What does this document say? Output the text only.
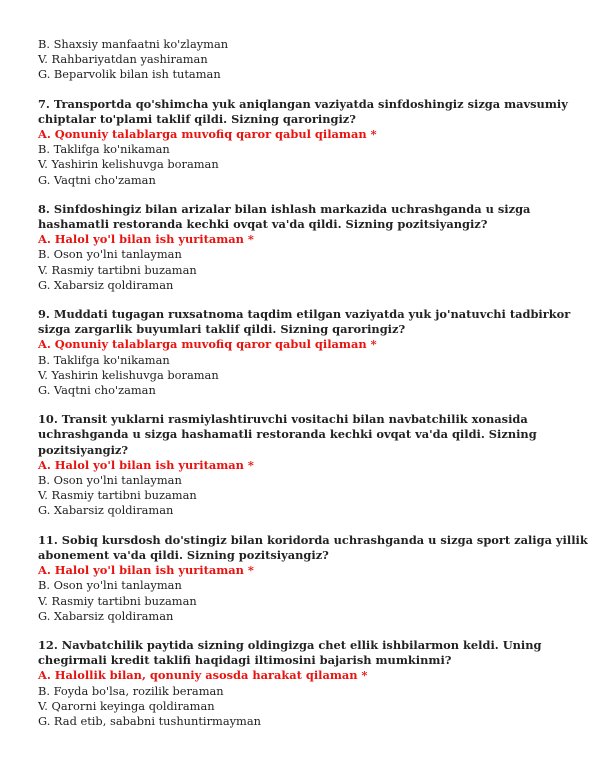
B. Shaxsiy manfaatni ko'zlayman
V. Rahbariyatdan yashiraman
G. Beparvolik bilan ish tutaman
7. Transportda qo'shimcha yuk aniqlangan vaziyatda sinfdoshingiz sizga mavsumiy
chiptalar to'plami taklif qildi. Sizning qaroringiz?
A. Qonuniy talablarga muvofiq qaror qabul qilaman *
B. Taklifga ko'nikaman
V. Yashirin kelishuvga boraman
G. Vaqtni cho'zaman
8. Sinfdoshingiz bilan arizalar bilan ishlash markazida uchrashganda u sizga
hashamatli restoranda kechki ovqat va'da qildi. Sizning pozitsiyangiz?
A. Halol yo'l bilan ish yuritaman *
B. Oson yo'lni tanlayman
V. Rasmiy tartibni buzaman
G. Xabarsiz qoldiraman
9. Muddati tugagan ruxsatnoma taqdim etilgan vaziyatda yuk jo'natuvchi tadbirkor
sizga zargarlik buyumlari taklif qildi. Sizning qaroringiz?
A. Qonuniy talablarga muvofiq qaror qabul qilaman *
B. Taklifga ko'nikaman
V. Yashirin kelishuvga boraman
G. Vaqtni cho'zaman
10. Transit yuklarni rasmiylashtiruvchi vositachi bilan navbatchilik xonasida
uchrashganda u sizga hashamatli restoranda kechki ovqat va'da qildi. Sizning
pozitsiyangiz?
A. Halol yo'l bilan ish yuritaman *
B. Oson yo'lni tanlayman
V. Rasmiy tartibni buzaman
G. Xabarsiz qoldiraman
11. Sobiq kursdosh do'stingiz bilan koridorda uchrashganda u sizga sport zaliga yillik
abonement va'da qildi. Sizning pozitsiyangiz?
A. Halol yo'l bilan ish yuritaman *
B. Oson yo'lni tanlayman
V. Rasmiy tartibni buzaman
G. Xabarsiz qoldiraman
12. Navbatchilik paytida sizning oldingizga chet ellik ishbilarmon keldi. Uning
chegirmali kredit taklifi haqidagi iltimosini bajarish mumkinmi?
A. Halollik bilan, qonuniy asosda harakat qilaman *
B. Foyda bo'lsa, rozilik beraman
V. Qarorni keyinga qoldiraman
G. Rad etib, sababni tushuntirmayman
